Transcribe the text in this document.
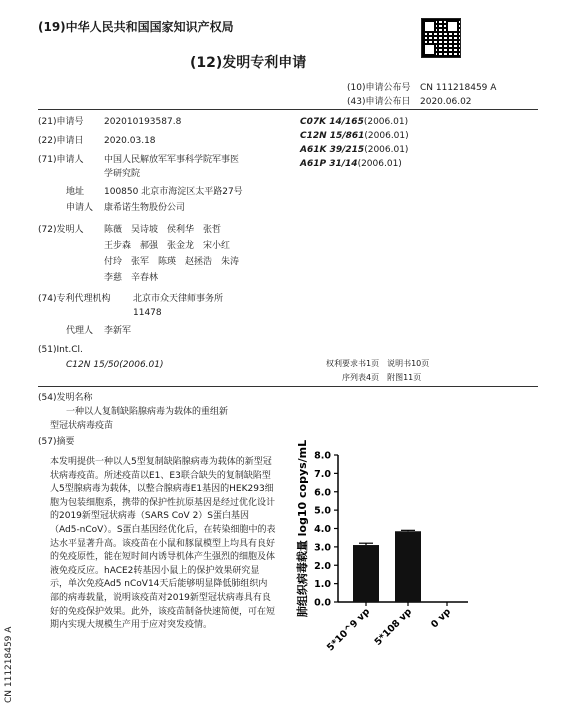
(19)中华人民共和国国家知识产权局
(12)发明专利申请
(10)申请公布号 CN 111218459 A
(43)申请公布日 2020.06.02
(21)申请号 202010193587.8
(22)申请日 2020.03.18
(71)申请人 中国人民解放军军事科学院军事医
学研究院
地址 100850 北京市海淀区太平路27号
申请人 康希诺生物股份公司
(72)发明人 陈薇　吴诗坡　侯利华　张哲
王步森　郝强　张金龙　宋小红
付玲　张军　陈瑛　赵拯浩　朱涛
李慈　辛春林
(74)专利代理机构	北京市众天律师事务所
11478
代理人 李新军
(51)Int.Cl.
C12N 15/50(2006.01)
C07K 14/165(2006.01)
C12N 15/861(2006.01)
A61K 39/215(2006.01)
A61P 31/14(2006.01)
权利要求书1页　说明书10页
序列表4页　附图11页
(54)发明名称
一种以人复制缺陷腺病毒为载体的重组新
型冠状病毒疫苗
(57)摘要
本发明提供一种以人5型复制缺陷腺病毒为载体的新型冠状病毒疫苗。所述疫苗以E1、E3联合缺失的复制缺陷型人5型腺病毒为载体，以整合腺病毒E1基因的HEK293细胞为包装细胞系，携带的保护性抗原基因是经过优化设计的2019新型冠状病毒（SARS CoV 2）S蛋白基因（Ad5-nCoV）。S蛋白基因经优化后，在转染细胞中的表达水平显著升高。该疫苗在小鼠和豚鼠模型上均具有良好的免疫原性，能在短时间内诱导机体产生强烈的细胞及体液免疫反应。hACE2转基因小鼠上的保护效果研究显示，单次免疫Ad5 nCoV14天后能够明显降低肺组织内部的病毒载量，说明该疫苗对2019新型冠状病毒具有良好的免疫保护效果。此外，该疫苗制备快速简便，可在短期内实现大规模生产用于应对突发疫情。
CN 111218459 A
0.0
1.0
2.0
3.0
4.0
5.0
6.0
7.0
8.0
肺组织病毒载量 log10 copys/mL
5*10^9 vp 5*108 vp 0 vp
